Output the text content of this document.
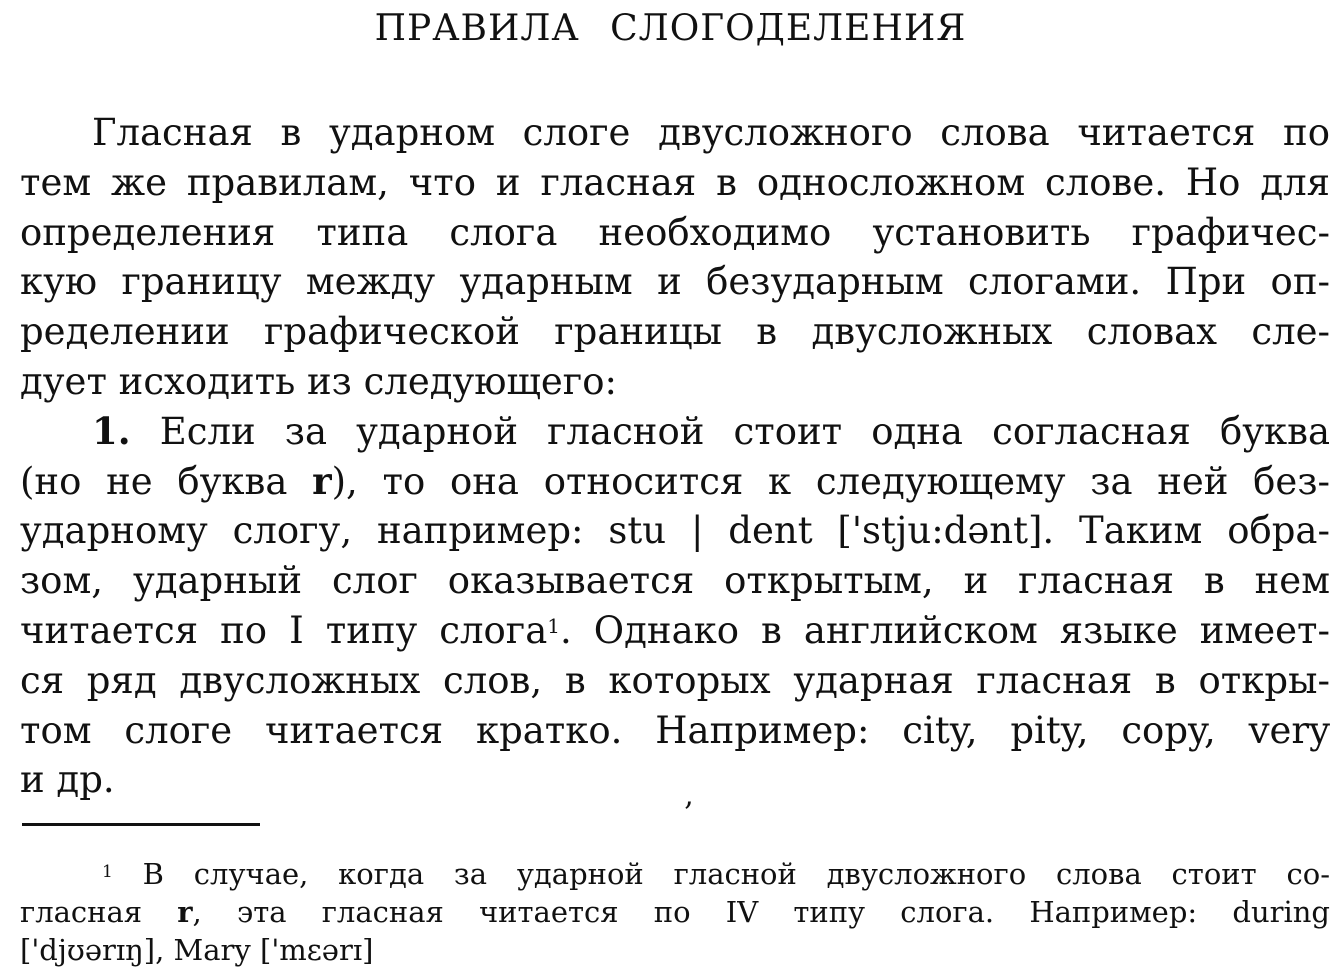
ПРАВИЛА СЛОГОДЕЛЕНИЯ
Гласная в ударном слоге двусложного слова читается по
тем же правилам, что и гласная в односложном слове. Но для
определения типа слога необходимо установить графичес-
кую границу между ударным и безударным слогами. При оп-
ределении графической границы в двусложных словах сле-
дует исходить из следующего:
1. Если за ударной гласной стоит одна согласная буква
(но не буква r), то она относится к следующему за ней без-
ударному слогу, например: stu | dent ['stju:dənt]. Таким обра-
зом, ударный слог оказывается открытым, и гласная в нем
читается по I типу слога$^1$. Однако в английском языке имеет-
ся ряд двусложных слов, в которых ударная гласная в откры-
том слоге читается кратко. Например: city, pity, copy, very
и др.	‚
$^1$ В случае, когда за ударной гласной двусложного слова стоит со-
гласная r, эта гласная читается по IV типу слога. Например: during
['djʊərɪŋ], Mary ['mɛərɪ]
